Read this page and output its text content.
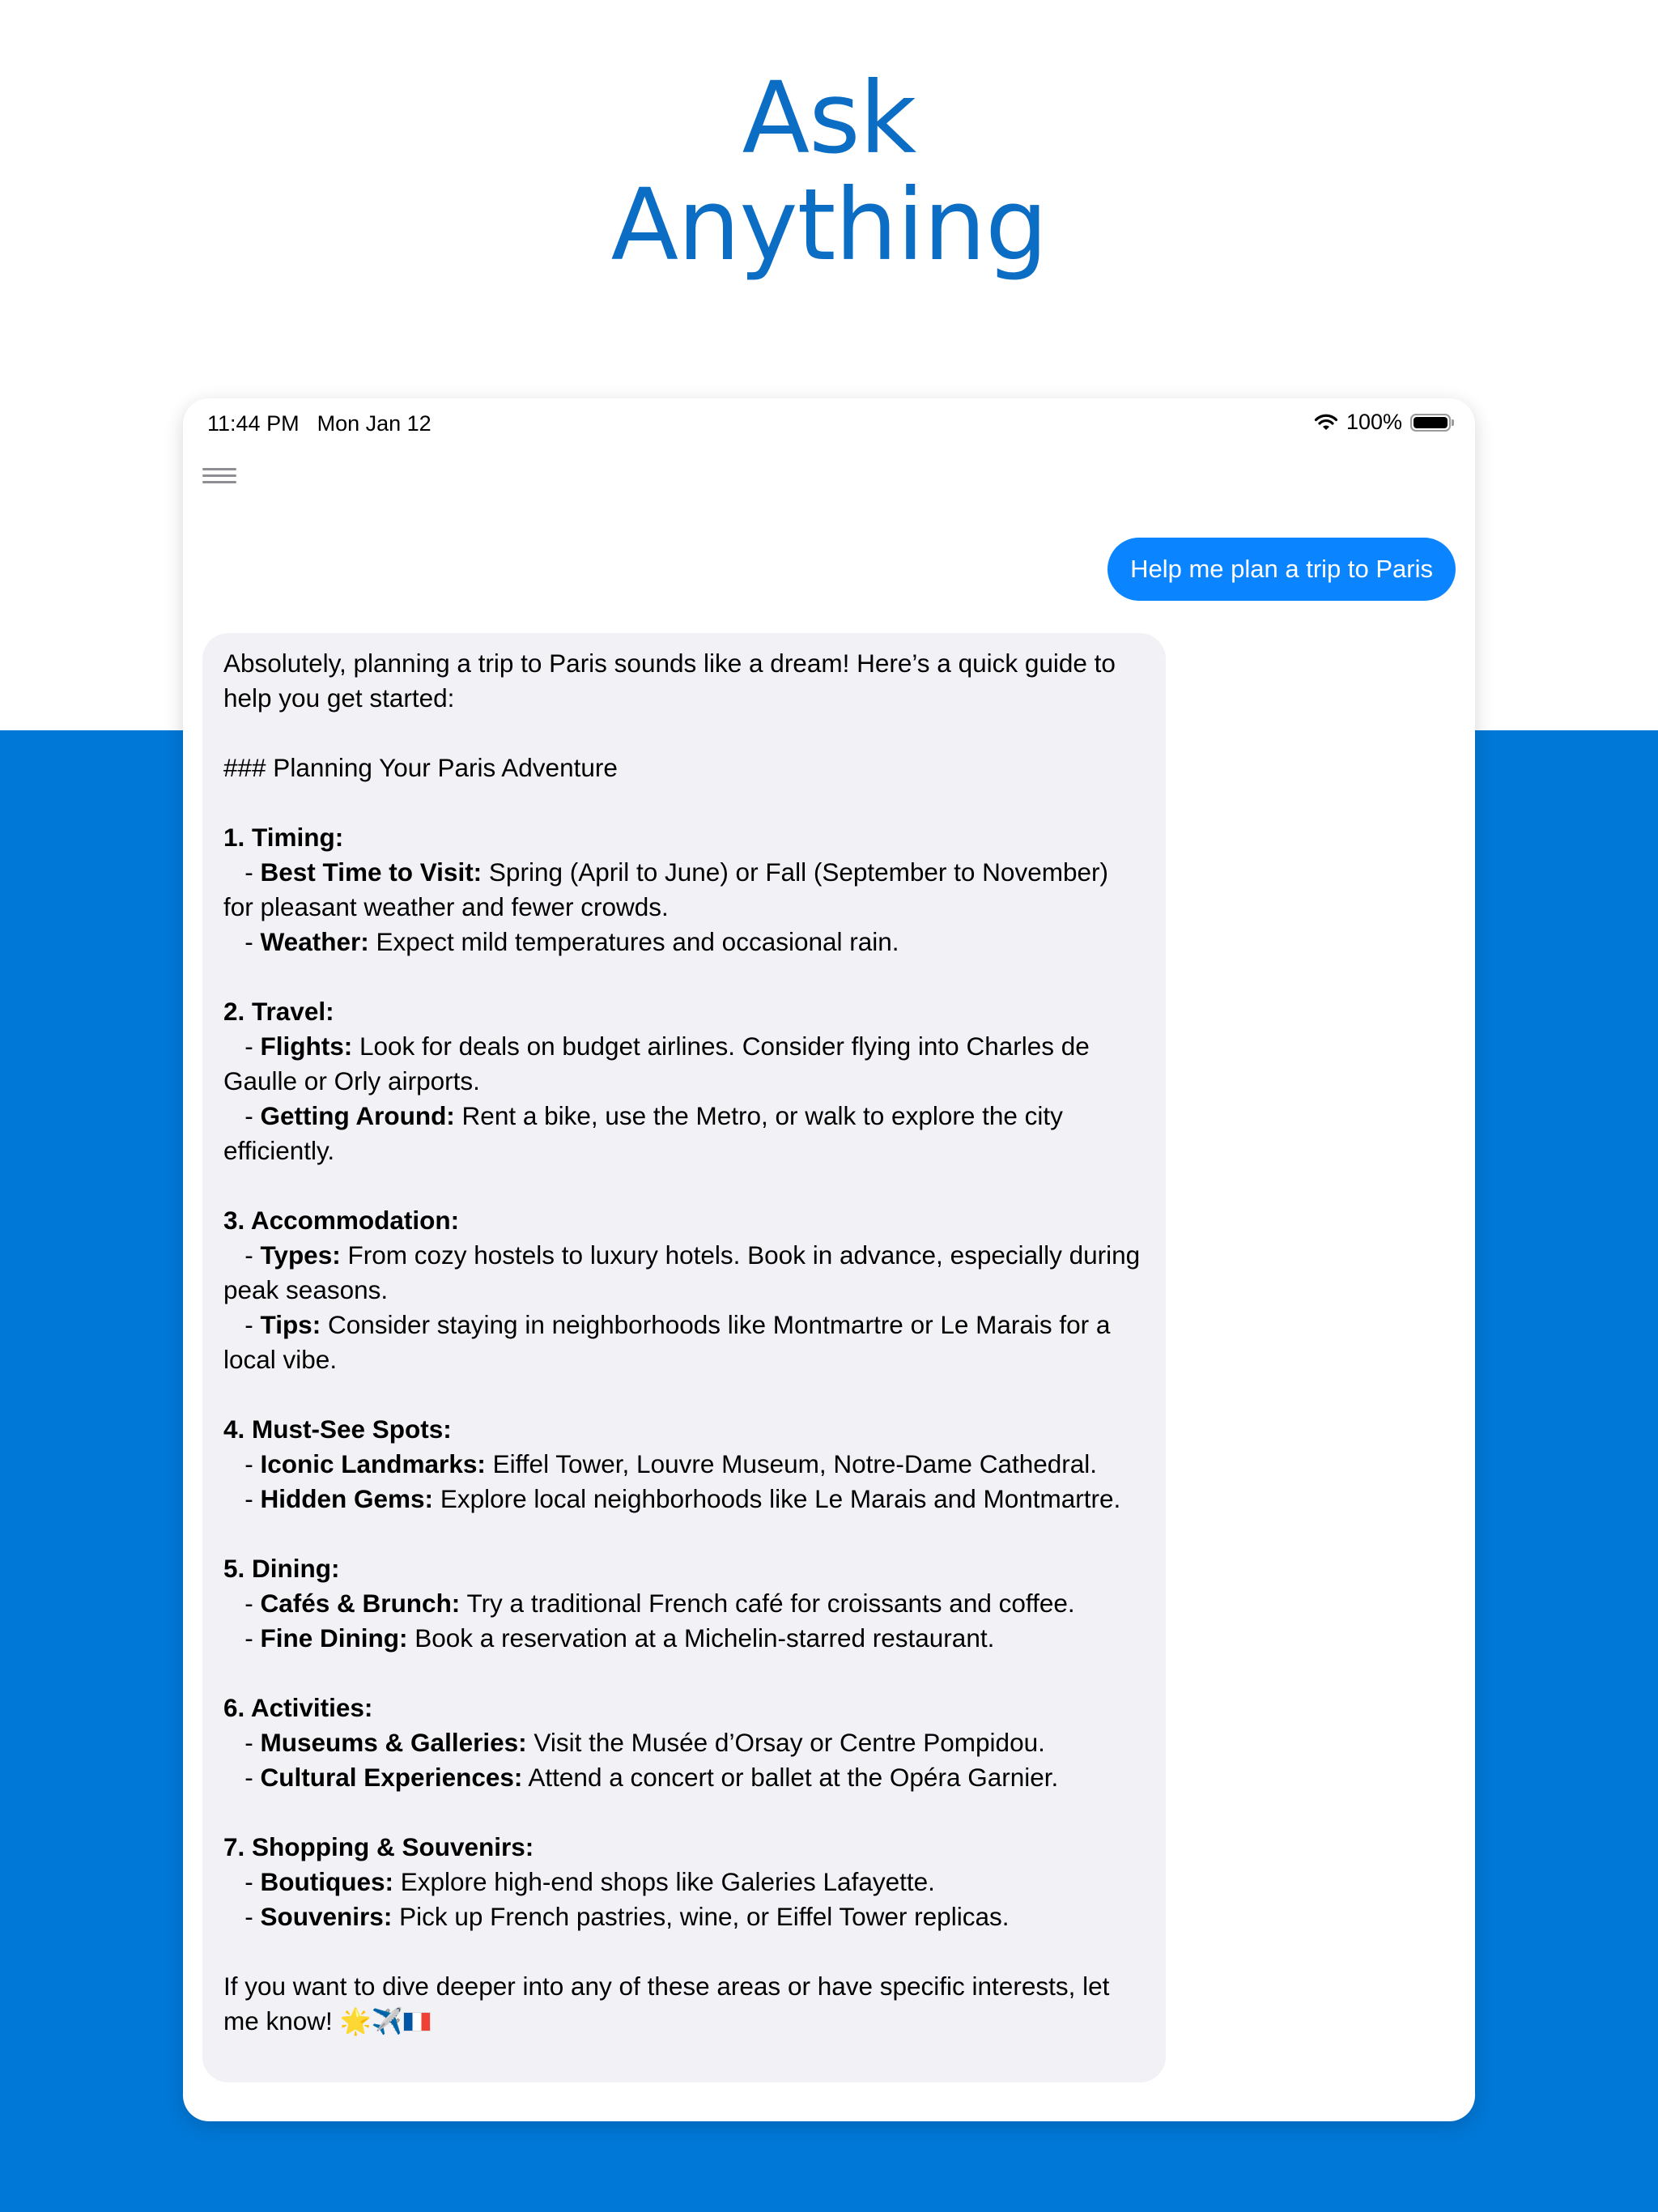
Ask
Anything
11:44 PM Mon Jan 12	100%
Help me plan a trip to Paris

Absolutely, planning a trip to Paris sounds like a dream! Here’s a quick guide to help you get started:

### Planning Your Paris Adventure

1. Timing:

- Best Time to Visit: Spring (April to June) or Fall (September to November) for pleasant weather and fewer crowds.

- Weather: Expect mild temperatures and occasional rain.

2. Travel:

- Flights: Look for deals on budget airlines. Consider flying into Charles de Gaulle or Orly airports.

- Getting Around: Rent a bike, use the Metro, or walk to explore the city efficiently.

3. Accommodation:

- Types: From cozy hostels to luxury hotels. Book in advance, especially during peak seasons.

- Tips: Consider staying in neighborhoods like Montmartre or Le Marais for a local vibe.

4. Must-See Spots:

- Iconic Landmarks: Eiffel Tower, Louvre Museum, Notre-Dame Cathedral.

- Hidden Gems: Explore local neighborhoods like Le Marais and Montmartre.

5. Dining:

- Cafés & Brunch: Try a traditional French café for croissants and coffee.

- Fine Dining: Book a reservation at a Michelin-starred restaurant.

6. Activities:

- Museums & Galleries: Visit the Musée d’Orsay or Centre Pompidou.

- Cultural Experiences: Attend a concert or ballet at the Opéra Garnier.

7. Shopping & Souvenirs:

- Boutiques: Explore high-end shops like Galeries Lafayette.

- Souvenirs: Pick up French pastries, wine, or Eiffel Tower replicas.

If you want to dive deeper into any of these areas or have specific interests, let me know! 🌟✈️
